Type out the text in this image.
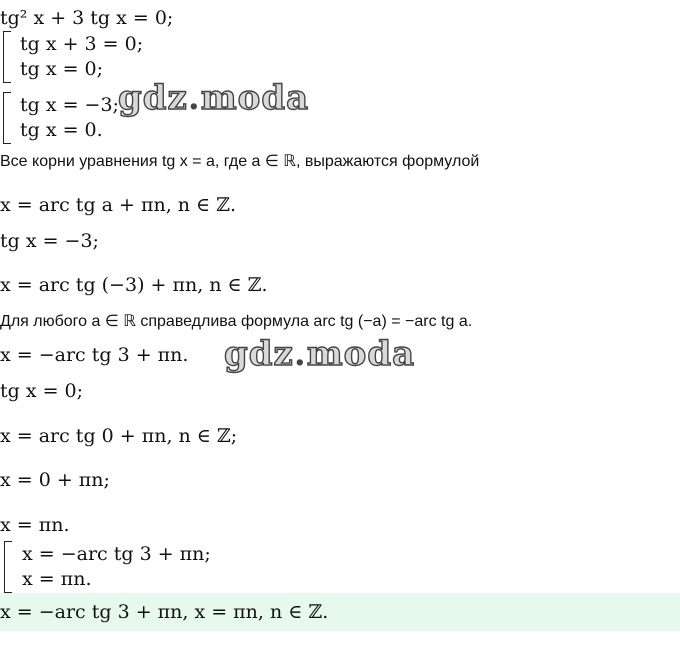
tg² x + 3 tg x = 0;
tg x + 3 = 0;
tg x = 0;
tg x = −3;
tg x = 0.
Все корни уравнения tg x = a, где a ∈ ℝ, выражаются формулой
x = arc tg a + πn, n ∈ ℤ.
tg x = −3;
x = arc tg (−3) + πn, n ∈ ℤ.
Для любого a ∈ ℝ справедлива формула arc tg (−a) = −arc tg a.
x = −arc tg 3 + πn.
tg x = 0;
x = arc tg 0 + πn, n ∈ ℤ;
x = 0 + πn;
x = πn.
x = −arc tg 3 + πn;
x = πn.
x = −arc tg 3 + πn, x = πn, n ∈ ℤ.
gdz.moda
gdz.moda
